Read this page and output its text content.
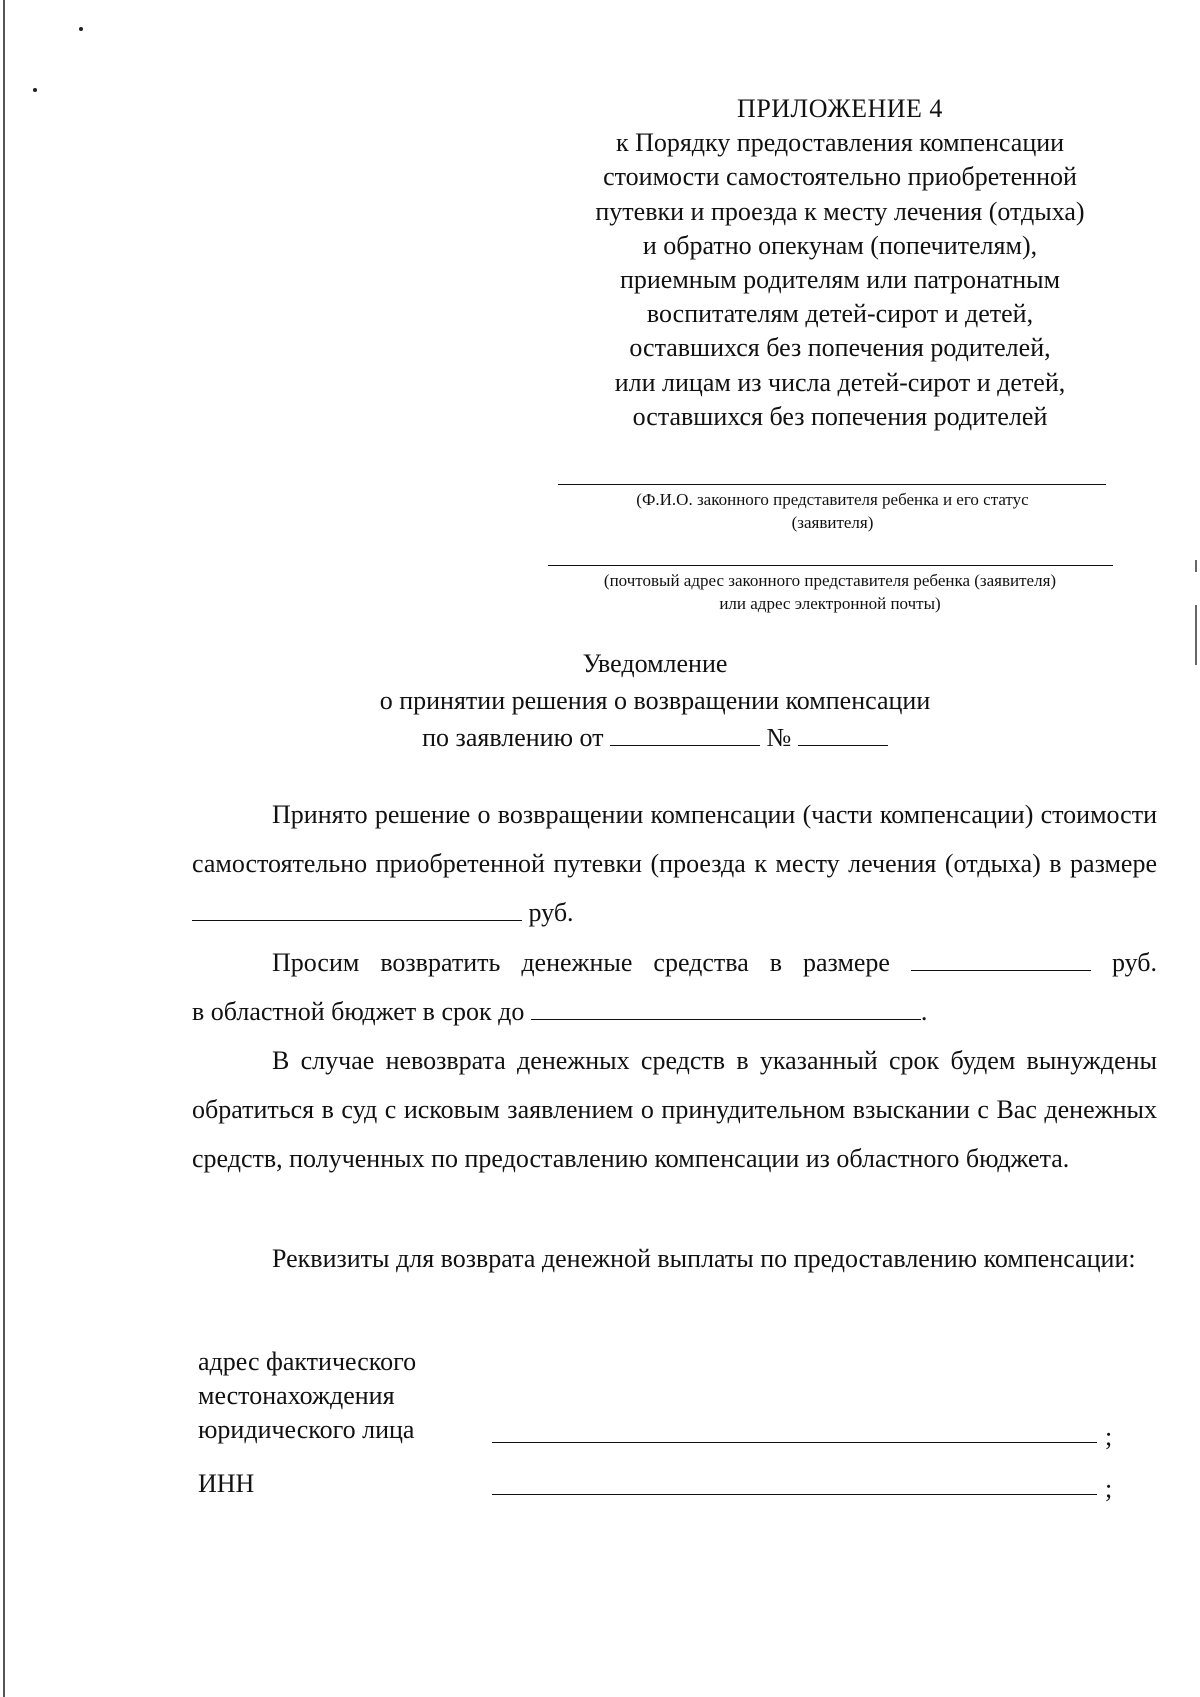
ПРИЛОЖЕНИЕ 4
к Порядку предоставления компенсации
стоимости самостоятельно приобретенной
путевки и проезда к месту лечения (отдыха)
и обратно опекунам (попечителям),
приемным родителям или патронатным
воспитателям детей-сирот и детей,
оставшихся без попечения родителей,
или лицам из числа детей-сирот и детей,
оставшихся без попечения родителей
(Ф.И.О. законного представителя ребенка и его статус
(заявителя)
(почтовый адрес законного представителя ребенка (заявителя)
или адрес электронной почты)
Уведомление
о принятии решения о возвращении компенсации
по заявлению от	№
Принято решение о возвращении компенсации (части компенсации) стоимости самостоятельно приобретенной путевки (проезда к месту лечения (отдыха) в размере  руб.
Просим возвратить денежные средства в размере	руб.
в областной бюджет в срок до	.
В случае невозврата денежных средств в указанный срок будем вынуждены обратиться в суд с исковым заявлением о принудительном взыскании с Вас денежных средств, полученных по предоставлению компенсации из областного бюджета.
Реквизиты для возврата денежной выплаты по предоставлению компенсации:
адрес фактического
местонахождения
юридического лица	;
ИНН	;
